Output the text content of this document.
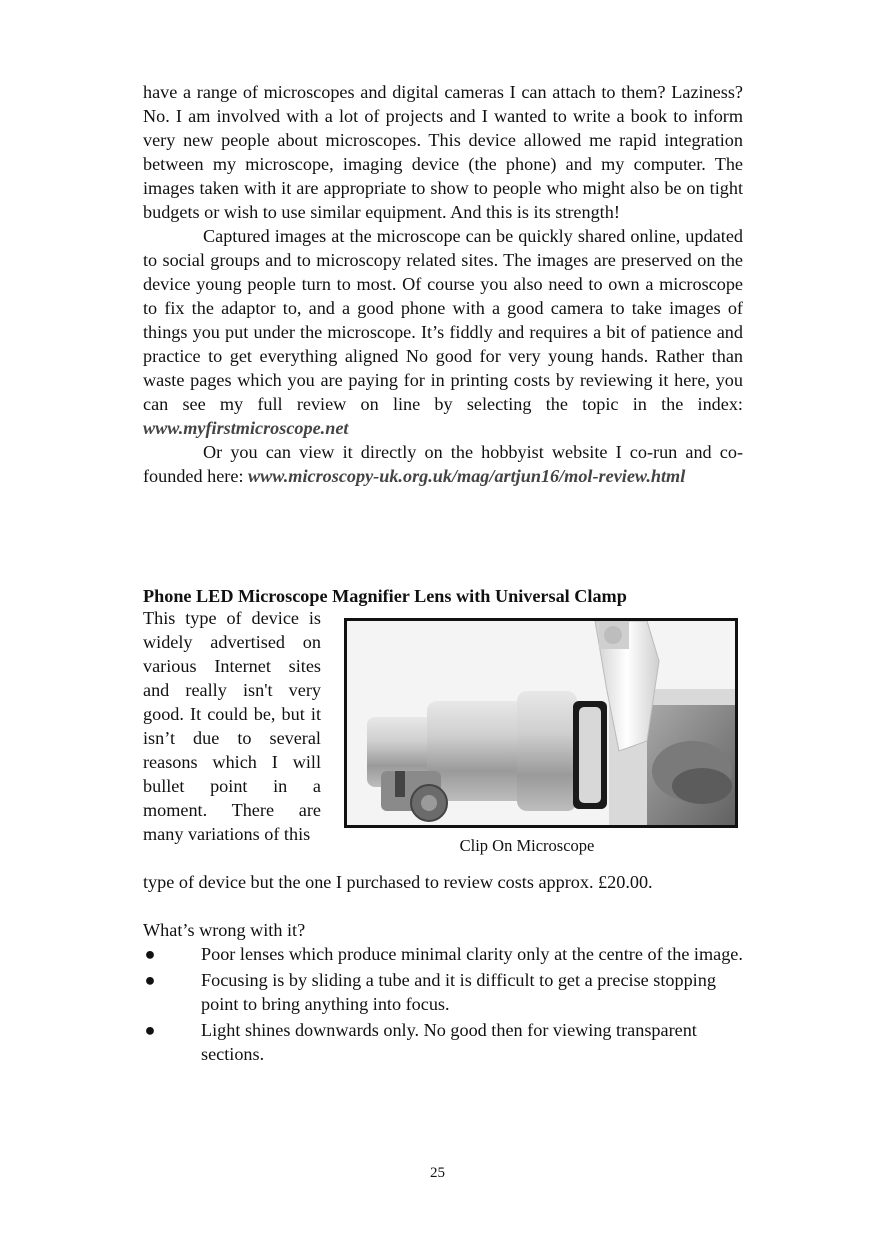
have a range of microscopes and digital cameras I can attach to them? Laziness? No. I am involved with a lot of projects and I wanted to write a book to inform very new people about microscopes. This device allowed me rapid integration between my microscope, imaging device (the phone) and my computer. The images taken with it are appropriate to show to people who might also be on tight budgets or wish to use similar equipment. And this is its strength!

Captured images at the microscope can be quickly shared online, updated to social groups and to microscopy related sites. The images are preserved on the device young people turn to most. Of course you also need to own a microscope to fix the adaptor to, and a good phone with a good camera to take images of things you put under the microscope. It’s fiddly and requires a bit of patience and practice to get everything aligned No good for very young hands. Rather than waste pages which you are paying for in printing costs by reviewing it here, you can see my full review on line by selecting the topic in the index: www.myfirstmicroscope.net

Or you can view it directly on the hobbyist website I co-run and co-founded here: www.microscopy-uk.org.uk/mag/artjun16/mol-review.html

Phone LED Microscope Magnifier Lens with Universal Clamp

This type of device is widely advertised on various Internet sites and really isn't very good. It could be, but it isn’t due to several reasons which I will bullet point in a moment. There are many variations of this

Clip On Microscope

type of device but the one I purchased to review costs approx. £20.00.

What’s wrong with it?

●	Poor lenses which produce minimal clarity only at the centre of the image.
●	Focusing is by sliding a tube and it is difficult to get a precise stopping point to bring anything into focus.
●	Light shines downwards only. No good then for viewing transparent sections.
25
